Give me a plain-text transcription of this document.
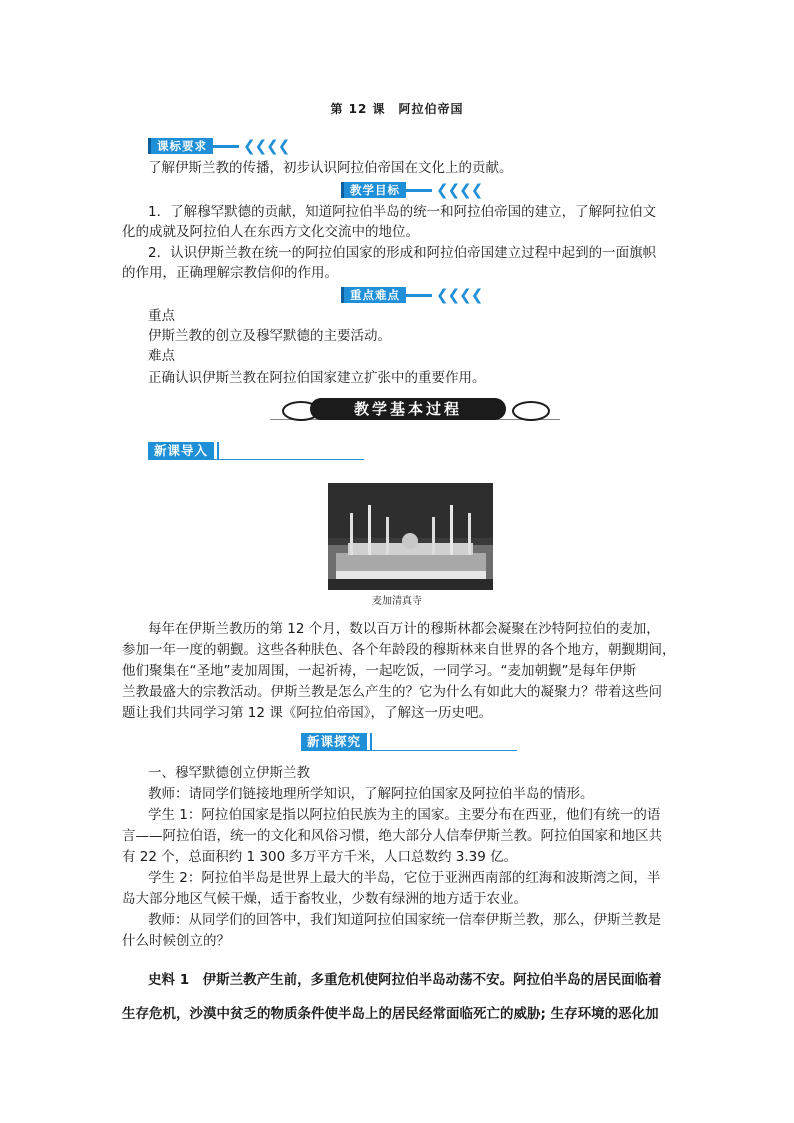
第 12 课　阿拉伯帝国
课标要求	❮❮❮❮
了解伊斯兰教的传播，初步认识阿拉伯帝国在文化上的贡献。
教学目标	❮❮❮❮
1．了解穆罕默德的贡献，知道阿拉伯半岛的统一和阿拉伯帝国的建立，了解阿拉伯文
化的成就及阿拉伯人在东西方文化交流中的地位。
2．认识伊斯兰教在统一的阿拉伯国家的形成和阿拉伯帝国建立过程中起到的一面旗帜
的作用，正确理解宗教信仰的作用。
重点难点	❮❮❮❮
重点
伊斯兰教的创立及穆罕默德的主要活动。
难点
正确认识伊斯兰教在阿拉伯国家建立扩张中的重要作用。
教学基本过程
新课导入
麦加清真寺
每年在伊斯兰教历的第 12 个月，数以百万计的穆斯林都会凝聚在沙特阿拉伯的麦加，
参加一年一度的朝觐。这些各种肤色、各个年龄段的穆斯林来自世界的各个地方，朝觐期间，
他们聚集在“圣地”麦加周围，一起祈祷，一起吃饭，一同学习。“麦加朝觐”是每年伊斯
兰教最盛大的宗教活动。伊斯兰教是怎么产生的？它为什么有如此大的凝聚力？带着这些问
题让我们共同学习第 12 课《阿拉伯帝国》，了解这一历史吧。
新课探究
一、穆罕默德创立伊斯兰教
教师：请同学们链接地理所学知识，了解阿拉伯国家及阿拉伯半岛的情形。
学生 1：阿拉伯国家是指以阿拉伯民族为主的国家。主要分布在西亚，他们有统一的语
言——阿拉伯语，统一的文化和风俗习惯，绝大部分人信奉伊斯兰教。阿拉伯国家和地区共
有 22 个，总面积约 1 300 多万平方千米，人口总数约 3.39 亿。
学生 2：阿拉伯半岛是世界上最大的半岛，它位于亚洲西南部的红海和波斯湾之间，半
岛大部分地区气候干燥，适于畜牧业，少数有绿洲的地方适于农业。
教师：从同学们的回答中，我们知道阿拉伯国家统一信奉伊斯兰教，那么，伊斯兰教是
什么时候创立的？
史料 1　伊斯兰教产生前，多重危机使阿拉伯半岛动荡不安。阿拉伯半岛的居民面临着
生存危机，沙漠中贫乏的物质条件使半岛上的居民经常面临死亡的威胁; 生存环境的恶化加
